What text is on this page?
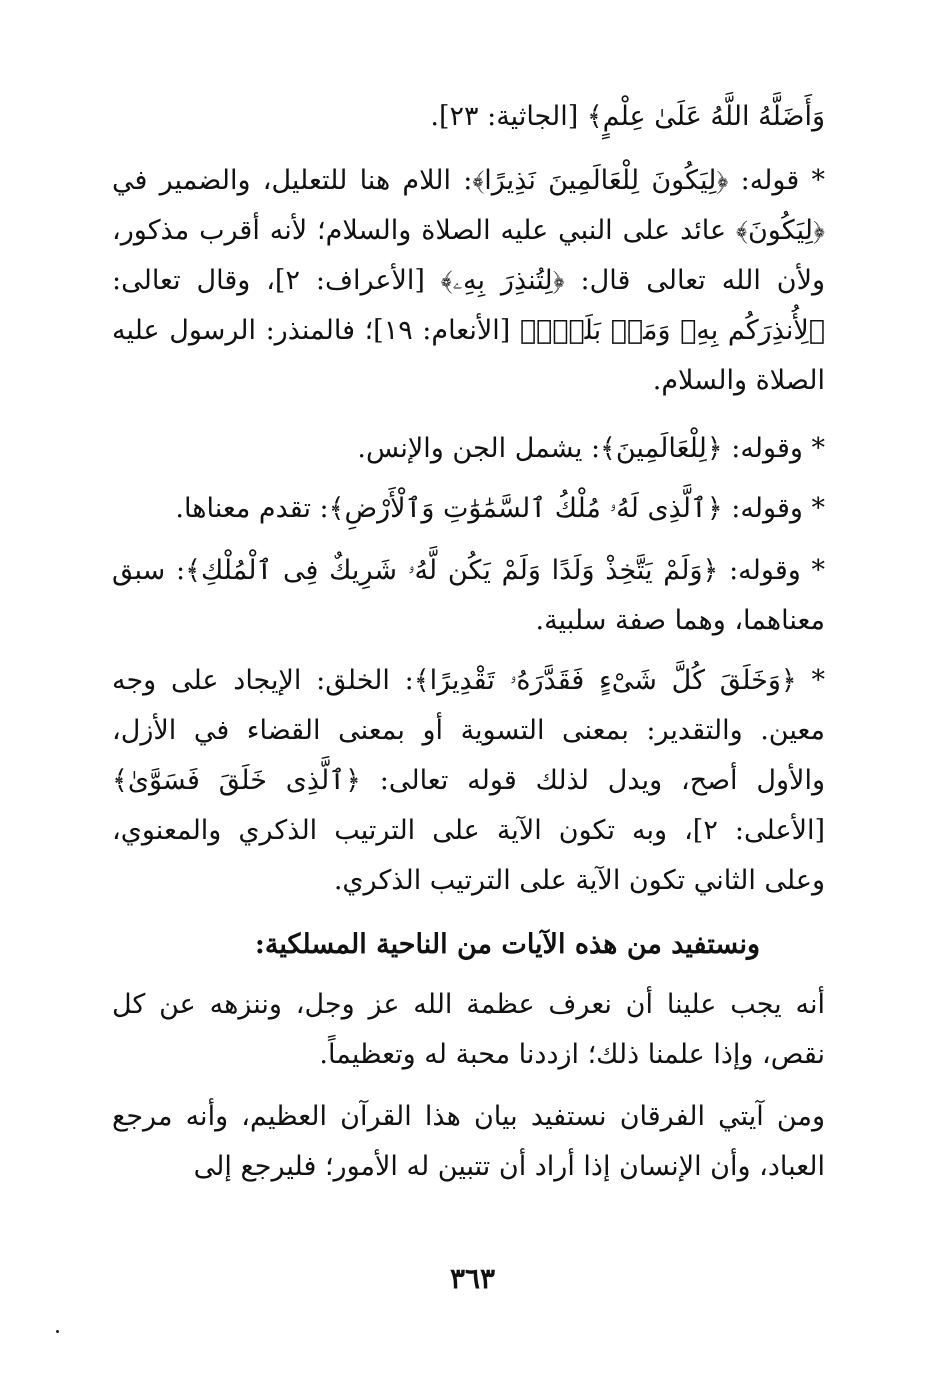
وَأَضَلَّهُ اللَّهُ عَلَىٰ عِلْمٍ﴾ [الجاثية: ٢٣].

* قوله: ﴿لِيَكُونَ لِلْعَالَمِينَ نَذِيرًا﴾: اللام هنا للتعليل، والضمير في ﴿لِيَكُونَ﴾ عائد على النبي عليه الصلاة والسلام؛ لأنه أقرب مذكور، ولأن الله تعالى قال: ﴿لِتُنذِرَ بِهِۦ﴾ [الأعراف: ٢]، وقال تعالى: ﴿لِأُنذِرَكُم بِهِۦ وَمَنۢ بَلَغَۚ﴾ [الأنعام: ١٩]؛ فالمنذر: الرسول عليه الصلاة والسلام.

* وقوله: ﴿لِلْعَالَمِينَ﴾: يشمل الجن والإنس.

* وقوله: ﴿ٱلَّذِى لَهُۥ مُلْكُ ٱلسَّمَٰوَٰتِ وَٱلْأَرْضِ﴾: تقدم معناها.

* وقوله: ﴿وَلَمْ يَتَّخِذْ وَلَدًا وَلَمْ يَكُن لَّهُۥ شَرِيكٌ فِى ٱلْمُلْكِ﴾: سبق معناهما، وهما صفة سلبية.

* ﴿وَخَلَقَ كُلَّ شَىْءٍ فَقَدَّرَهُۥ تَقْدِيرًا﴾: الخلق: الإيجاد على وجه معين. والتقدير: بمعنى التسوية أو بمعنى القضاء في الأزل، والأول أصح، ويدل لذلك قوله تعالى: ﴿ٱلَّذِى خَلَقَ فَسَوَّىٰ﴾ [الأعلى: ٢]، وبه تكون الآية على الترتيب الذكري والمعنوي، وعلى الثاني تكون الآية على الترتيب الذكري.

ونستفيد من هذه الآيات من الناحية المسلكية:

أنه يجب علينا أن نعرف عظمة الله عز وجل، وننزهه عن كل نقص، وإذا علمنا ذلك؛ ازددنا محبة له وتعظيماً.

ومن آيتي الفرقان نستفيد بيان هذا القرآن العظيم، وأنه مرجع العباد، وأن الإنسان إذا أراد أن تتبين له الأمور؛ فليرجع إلى

٣٦٣
